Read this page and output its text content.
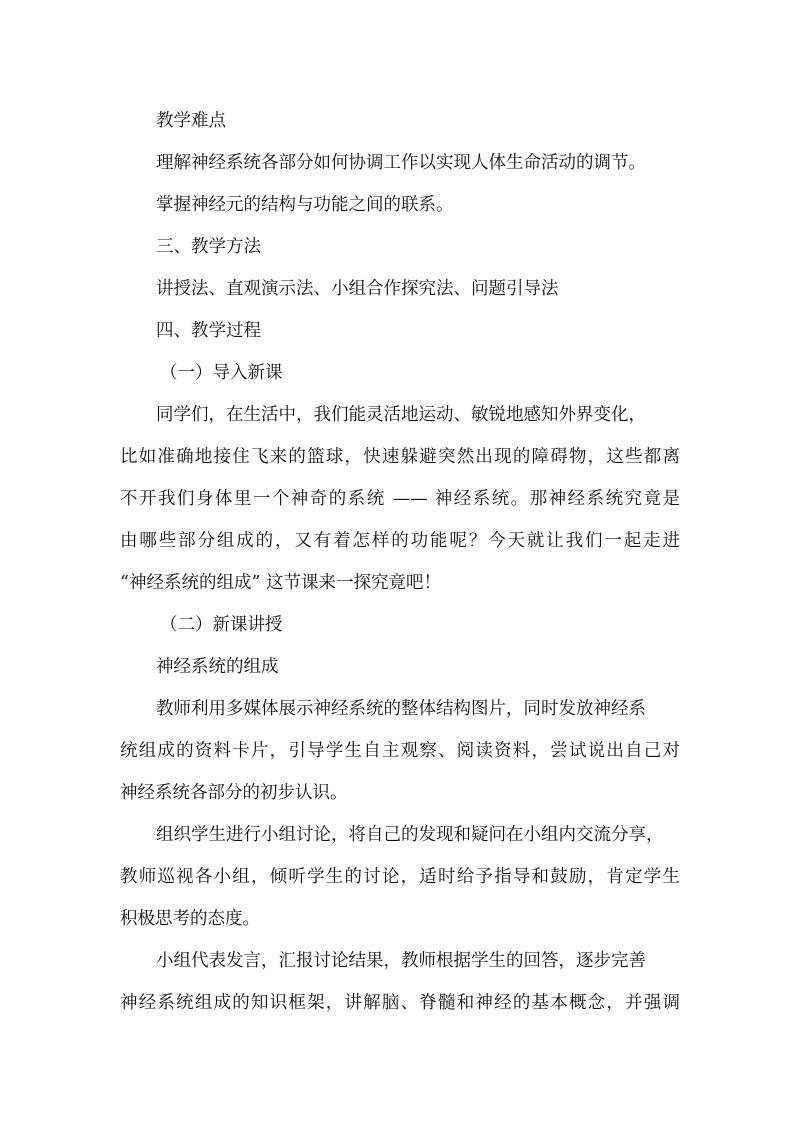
教学难点
理解神经系统各部分如何协调工作以实现人体生命活动的调节。
掌握神经元的结构与功能之间的联系。
三、教学方法
讲授法、直观演示法、小组合作探究法、问题引导法
四、教学过程
（一）导入新课
同学们，在生活中，我们能灵活地运动、敏锐地感知外界变化，
比如准确地接住飞来的篮球，快速躲避突然出现的障碍物，这些都离
不开我们身体里一个神奇的系统 —— 神经系统。那神经系统究竟是
由哪些部分组成的，又有着怎样的功能呢？今天就让我们一起走进
“神经系统的组成” 这节课来一探究竟吧！
（二）新课讲授
神经系统的组成
教师利用多媒体展示神经系统的整体结构图片，同时发放神经系
统组成的资料卡片，引导学生自主观察、阅读资料，尝试说出自己对
神经系统各部分的初步认识。
组织学生进行小组讨论，将自己的发现和疑问在小组内交流分享，
教师巡视各小组，倾听学生的讨论，适时给予指导和鼓励，肯定学生
积极思考的态度。
小组代表发言，汇报讨论结果，教师根据学生的回答，逐步完善
神经系统组成的知识框架，讲解脑、脊髓和神经的基本概念，并强调
